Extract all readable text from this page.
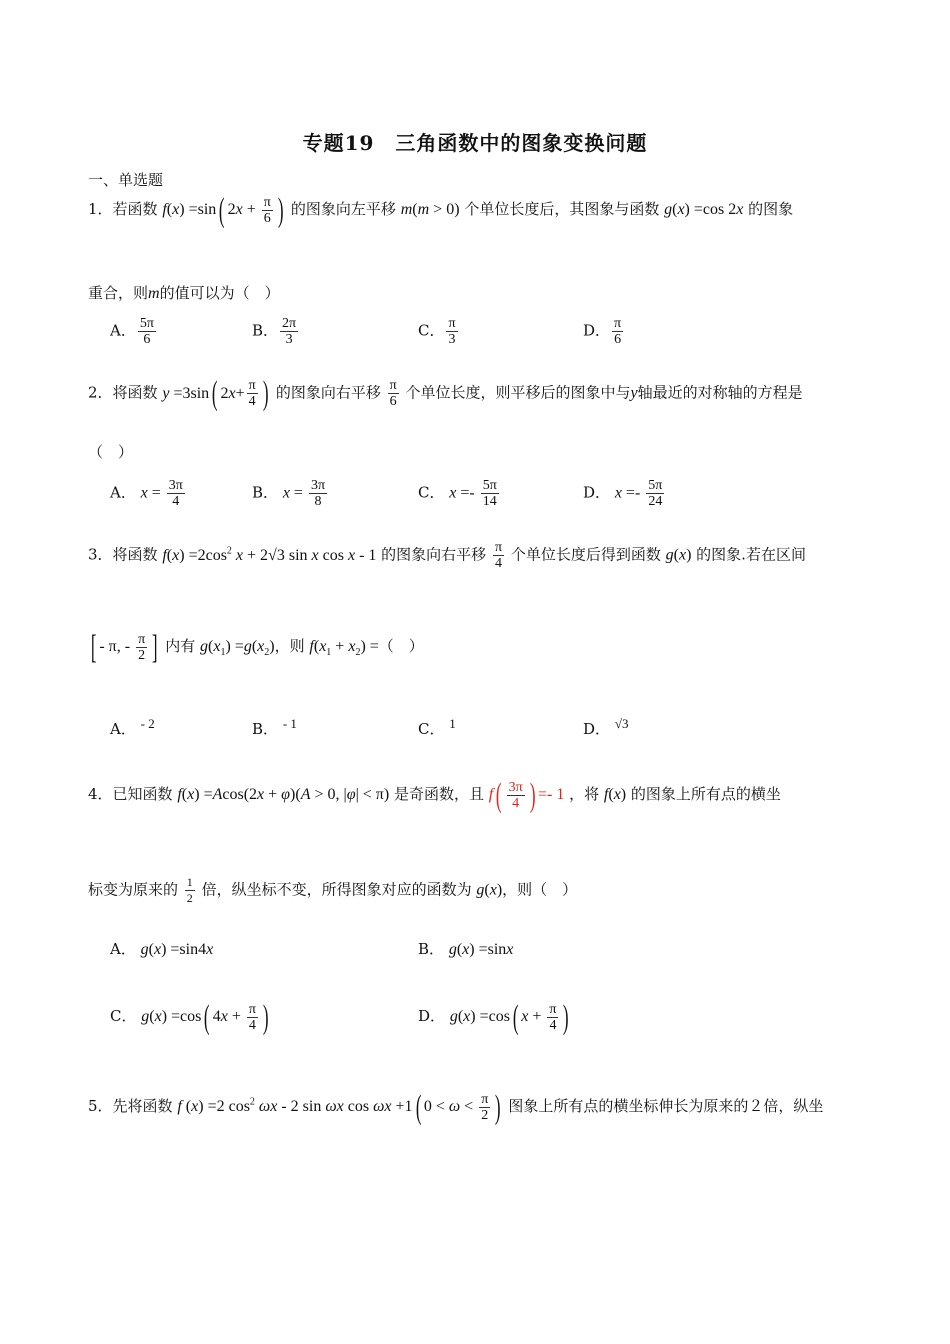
专题19　三角函数中的图象变换问题
一、单选题
1．若函数 f(x) =sin( $2x + \frac{\pi}{6}$ ) 的图象向左平移 m(m > 0) 个单位长度后，其图象与函数 g(x) =cos 2x 的图象
重合，则m的值可以为（　）
A． $\frac{5\pi}{6}$	B． $\frac{2\pi}{3}$	C． $\frac{\pi}{3}$	D． $\frac{\pi}{6}$
2．将函数 y =3sin( $2x+ \frac{\pi}{4}$ ) 的图象向右平移 $\frac{\pi}{6}$ 个单位长度，则平移后的图象中与y轴最近的对称轴的方程是
（　）
A． $x = \frac{3\pi}{4}$	B． $x = \frac{3\pi}{8}$	C． $x =- \frac{5\pi}{14}$	D． $x =- \frac{5\pi}{24}$
3．将函数 $f(x) =2\cos^2$ x + 2√3 sin x cos x - 1 的图象向右平移 $\frac{\pi}{4}$ 个单位长度后得到函数 g(x) 的图象.若在区间
[ - π, - $\frac{\pi}{2}$ ] 内有 $g(x_1) =g(x_2)$，则 $f(x_1 + x_2)$ =（　）
A． $^{- 2}$	B． $^{- 1}$	C． $^1$	D． $^{√3}$
4．已知函数 f(x) =Acos(2x + φ)(A > 0, |φ| < π) 是奇函数，且 $f( \frac{3\pi}{4}$ ) =- 1 ，将 f(x) 的图象上所有点的横坐
标变为原来的 $\frac{1}{2}$ 倍，纵坐标不变，所得图象对应的函数为 g(x)，则（　）
A． g(x) =sin4x	B． g(x) =sinx
C． g(x) =cos( $4x + \frac{\pi}{4}$ )	D． g(x) =cos( $x + \frac{\pi}{4}$ )
5．先将函数 f (x) =2 $\cos^2 \omega x - 2$ sin ωx cos ωx +1( $0 < \omega < \frac{\pi}{2}$ ) 图象上所有点的横坐标伸长为原来的２倍，纵坐
